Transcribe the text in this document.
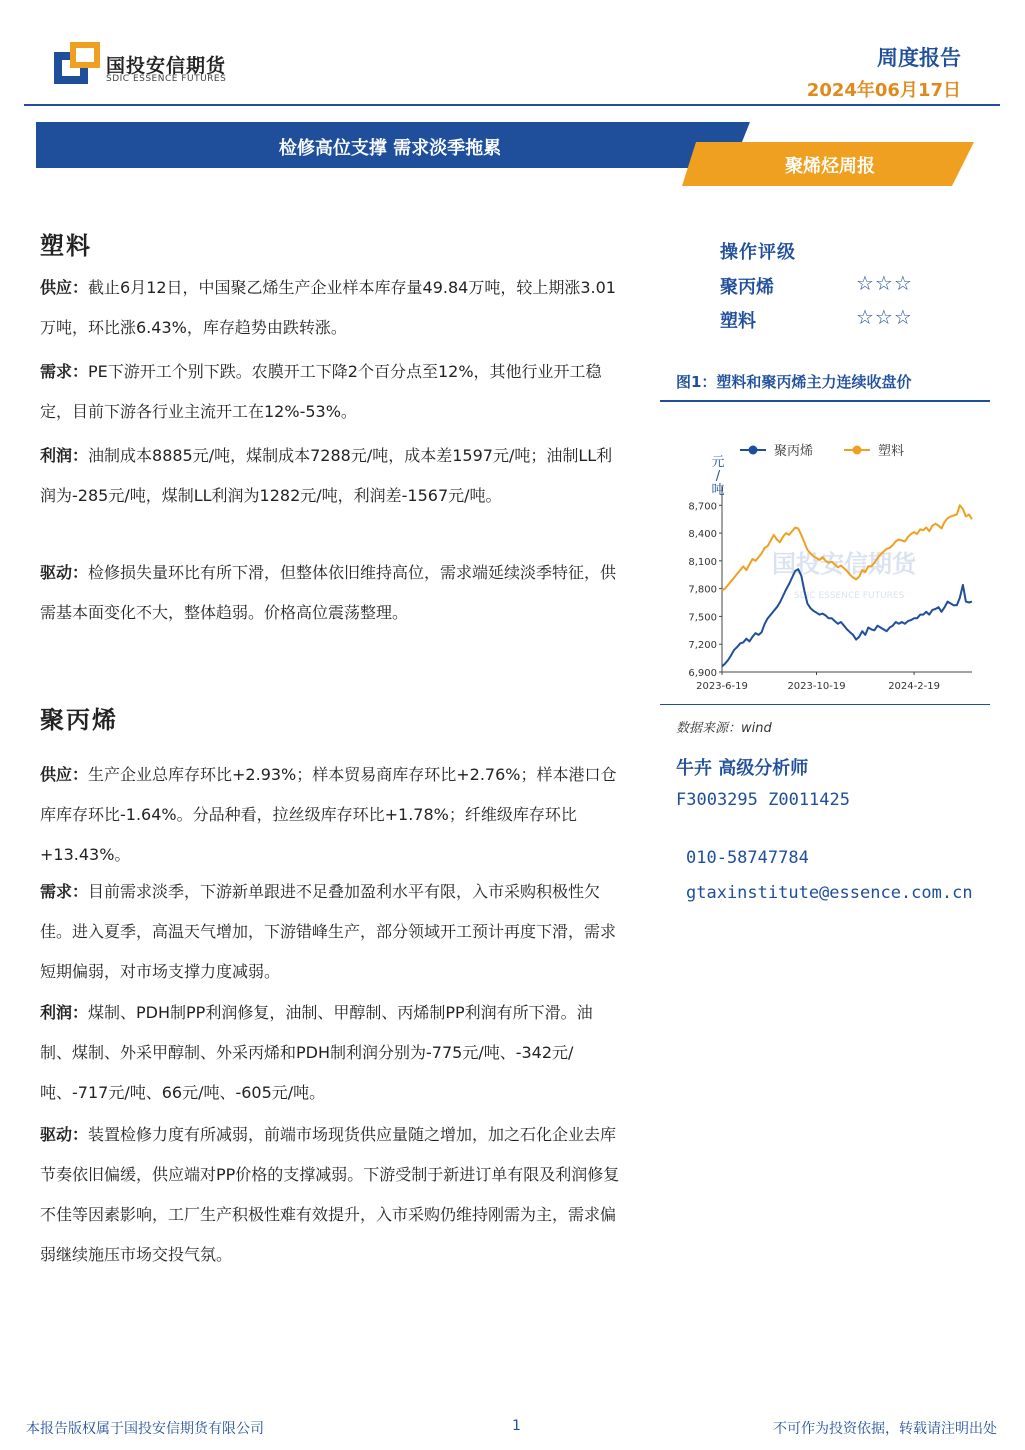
国投安信期货
SDIC ESSENCE FUTURES
周度报告
2024年06月17日
检修高位支撑 需求淡季拖累
聚烯烃周报
塑料
供应：截止6月12日，中国聚乙烯生产企业样本库存量49.84万吨，较上期涨3.01万吨，环比涨6.43%，库存趋势由跌转涨。
需求：PE下游开工个别下跌。农膜开工下降2个百分点至12%，其他行业开工稳定，目前下游各行业主流开工在12%-53%。
利润：油制成本8885元/吨，煤制成本7288元/吨，成本差1597元/吨；油制LL利润为-285元/吨，煤制LL利润为1282元/吨，利润差-1567元/吨。
驱动：检修损失量环比有所下滑，但整体依旧维持高位，需求端延续淡季特征，供需基本面变化不大，整体趋弱。价格高位震荡整理。
聚丙烯
供应：生产企业总库存环比+2.93%；样本贸易商库存环比+2.76%；样本港口仓库库存环比-1.64%。分品种看，拉丝级库存环比+1.78%；纤维级库存环比+13.43%。
需求：目前需求淡季，下游新单跟进不足叠加盈利水平有限，入市采购积极性欠佳。进入夏季，高温天气增加，下游错峰生产，部分领域开工预计再度下滑，需求短期偏弱，对市场支撑力度减弱。
利润：煤制、PDH制PP利润修复，油制、甲醇制、丙烯制PP利润有所下滑。油制、煤制、外采甲醇制、外采丙烯和PDH制利润分别为-775元/吨、-342元/吨、-717元/吨、66元/吨、-605元/吨。
驱动：装置检修力度有所减弱，前端市场现货供应量随之增加，加之石化企业去库节奏依旧偏缓，供应端对PP价格的支撑减弱。下游受制于新进订单有限及利润修复不佳等因素影响，工厂生产积极性难有效提升，入市采购仍维持刚需为主，需求偏弱继续施压市场交投气氛。
操作评级
聚丙烯	☆☆☆
塑料	☆☆☆
图1：塑料和聚丙烯主力连续收盘价
国投安信期货
SDIC ESSENCE FUTURES
6,900
7,200
7,500
7,800
8,100
8,400
8,700
2023-6-19	2023-10-19	2024-2-19
元
/
吨
聚丙烯	塑料
数据来源：wind
牛卉 高级分析师
F3003295 Z0011425
010-58747784
gtaxinstitute@essence.com.cn
本报告版权属于国投安信期货有限公司	1	不可作为投资依据，转载请注明出处
